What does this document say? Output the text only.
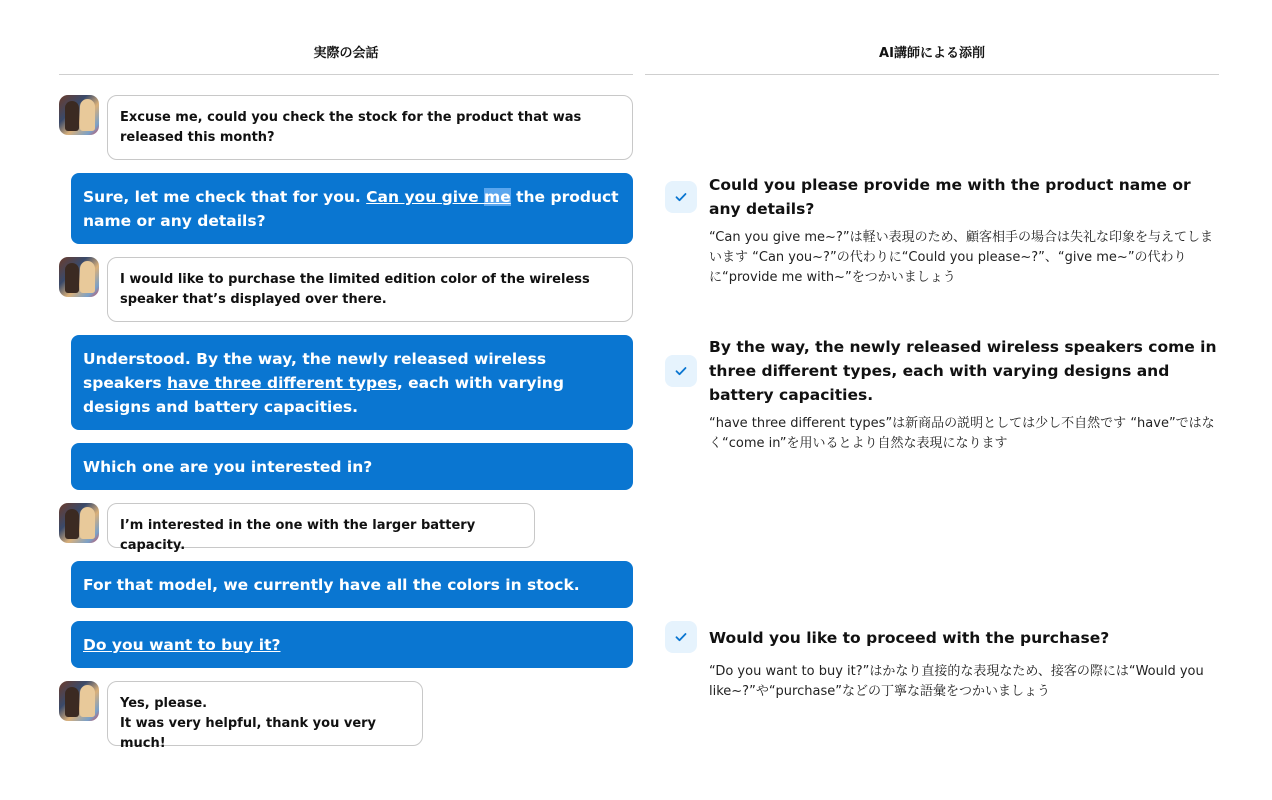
実際の会話	AI講師による添削
Excuse me, could you check the stock for the product that was released this month?
Sure, let me check that for you. Can you give me the product name or any details?
I would like to purchase the limited edition color of the wireless speaker that’s displayed over there.
Understood. By the way, the newly released wireless speakers have three different types, each with varying designs and battery capacities.
Which one are you interested in?
I’m interested in the one with the larger battery capacity.
For that model, we currently have all the colors in stock.
Do you want to buy it?
Yes, please.
It was very helpful, thank you very much!
Could you please provide me with the product name or any details?
“Can you give me~?”は軽い表現のため、顧客相手の場合は失礼な印象を与えてしまいます “Can you~?”の代わりに“Could you please~?”、“give me~”の代わりに“provide me with~”をつかいましょう
By the way, the newly released wireless speakers come in three different types, each with varying designs and battery capacities.
“have three different types”は新商品の説明としては少し不自然です “have”ではなく“come in”を用いるとより自然な表現になります
Would you like to proceed with the purchase?
“Do you want to buy it?”はかなり直接的な表現なため、接客の際には“Would you like~?”や“purchase”などの丁寧な語彙をつかいましょう
